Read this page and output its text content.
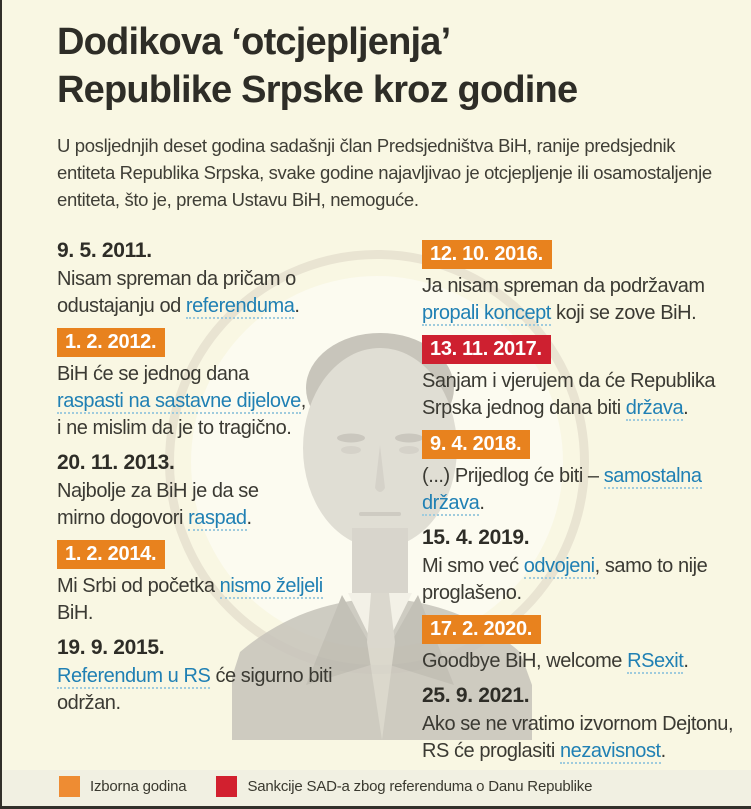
Dodikova ‘otcjepljenja’
Republike Srpske kroz godine

U posljednjih deset godina sadašnji član Predsjedništva BiH, ranije predsjednik
entiteta Republika Srpska, svake godine najavljivao je otcjepljenje ili osamostaljenje
entiteta, što je, prema Ustavu BiH, nemoguće.

9. 5. 2011.

Nisam spreman da pričam o
odustajanju od referenduma.

1. 2. 2012.

BiH će se jednog dana
raspasti na sastavne dijelove,
i ne mislim da je to tragično.

20. 11. 2013.

Najbolje za BiH je da se
mirno dogovori raspad.

1. 2. 2014.

Mi Srbi od početka nismo željeli
BiH.

19. 9. 2015.

Referendum u RS će sigurno biti
održan.

12. 10. 2016.

Ja nisam spreman da podržavam
propali koncept koji se zove BiH.

13. 11. 2017.

Sanjam i vjerujem da će Republika
Srpska jednog dana biti država.

9. 4. 2018.

(...) Prijedlog će biti – samostalna
država.

15. 4. 2019.

Mi smo već odvojeni, samo to nije
proglašeno.

17. 2. 2020.

Goodbye BiH, welcome RSexit.

25. 9. 2021.

Ako se ne vratimo izvornom Dejtonu,
RS će proglasiti nezavisnost.

Izborna godina	Sankcije SAD-a zbog referenduma o Danu Republike
